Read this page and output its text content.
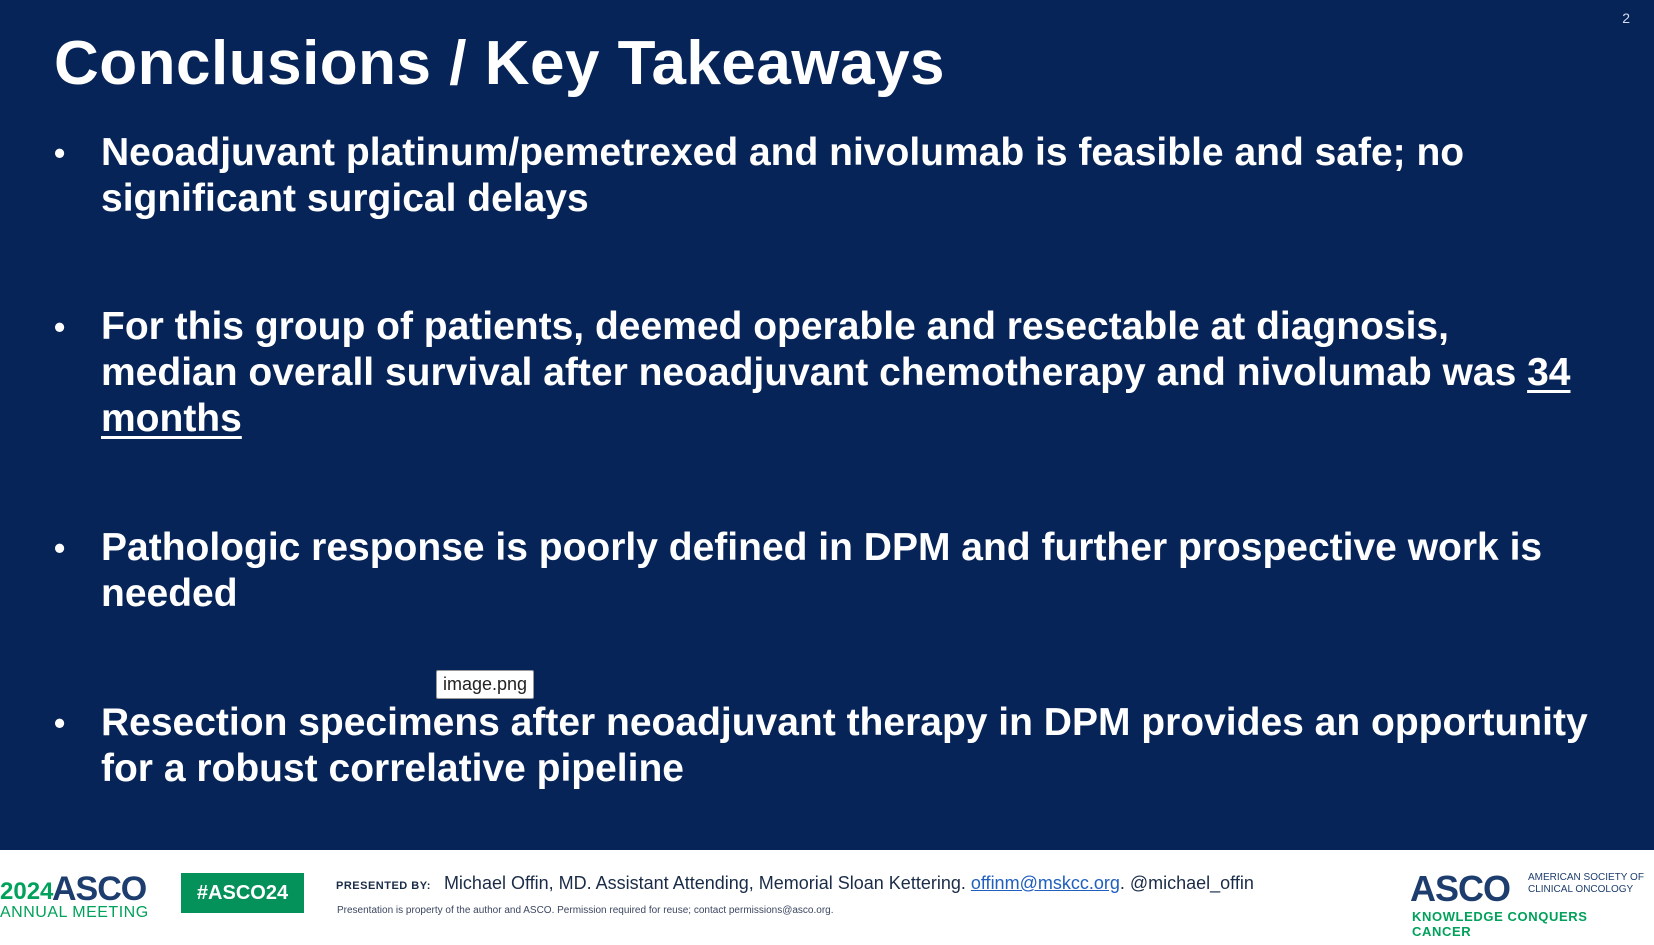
2
Conclusions / Key Takeaways
• Neoadjuvant platinum/pemetrexed and nivolumab is feasible and safe; no significant surgical delays
• For this group of patients, deemed operable and resectable at diagnosis, median overall survival after neoadjuvant chemotherapy and nivolumab was 34 months
• Pathologic response is poorly defined in DPM and further prospective work is needed
• Resection specimens after neoadjuvant therapy in DPM provides an opportunity for a robust correlative pipeline
image.png
2024
ASCO
ANNUAL MEETING
#ASCO24	PRESENTED BY: Michael Offin, MD. Assistant Attending, Memorial Sloan Kettering. offinm@mskcc.org. @michael_offin
Presentation is property of the author and ASCO. Permission required for reuse; contact permissions@asco.org.
ASCO AMERICAN SOCIETY OF
CLINICAL ONCOLOGY
KNOWLEDGE CONQUERS CANCER
